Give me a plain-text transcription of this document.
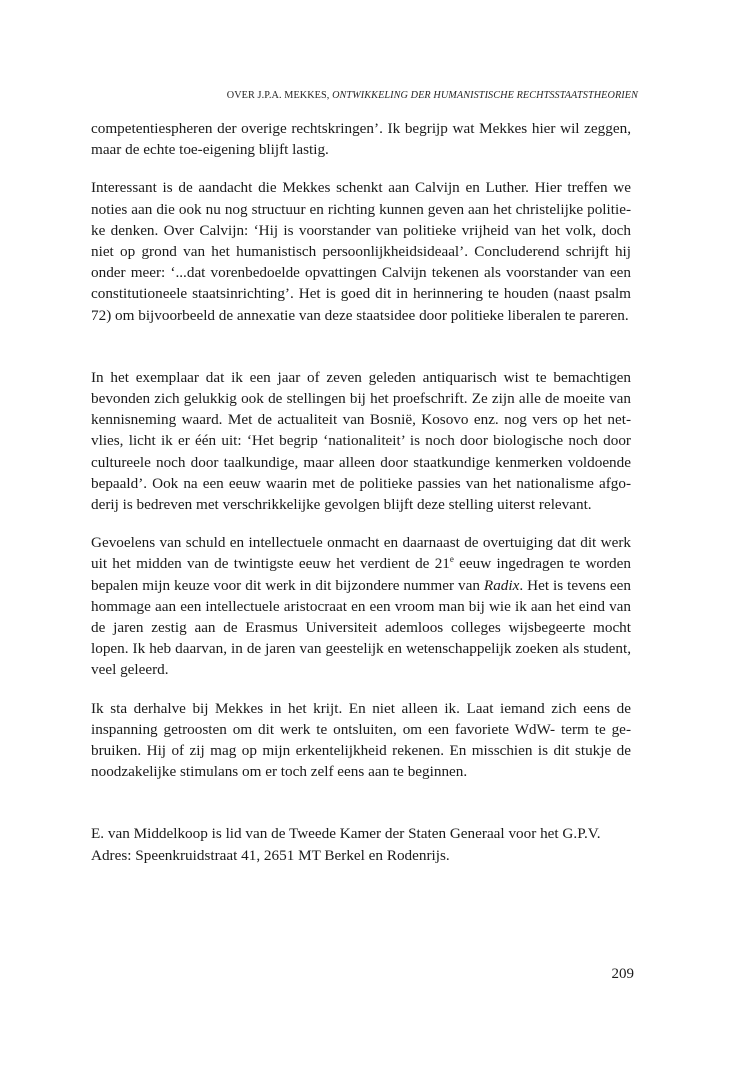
OVER J.P.A. MEKKES, ONTWIKKELING DER HUMANISTISCHE RECHTSSTAATSTHEORIEN

competentiespheren der overige rechtskringen’. Ik begrijp wat Mekkes hier wil zeggen, maar de echte toe-eigening blijft lastig.

Interessant is de aandacht die Mekkes schenkt aan Calvijn en Luther. Hier treffen we noties aan die ook nu nog structuur en richting kunnen geven aan het christelijke politieke denken. Over Calvijn: ‘Hij is voorstander van politieke vrijheid van het volk, doch niet op grond van het humanistisch persoonlijkheidsideaal’. Concluderend schrijft hij onder meer: ‘...dat vorenbedoelde opvattingen Calvijn tekenen als voorstander van een constitutioneele staatsinrichting’. Het is goed dit in herinnering te houden (naast psalm 72) om bijvoorbeeld de annexatie van deze staatsidee door politieke liberalen te pareren.

In het exemplaar dat ik een jaar of zeven geleden antiquarisch wist te bemachtigen bevonden zich gelukkig ook de stellingen bij het proefschrift. Ze zijn alle de moeite van kennisneming waard. Met de actualiteit van Bosnië, Kosovo enz. nog vers op het netvlies, licht ik er één uit: ‘Het begrip ‘nationaliteit’ is noch door biologische noch door cultureele noch door taalkundige, maar alleen door staatkundige kenmerken voldoende bepaald’. Ook na een eeuw waarin met de politieke passies van het nationalisme afgoderij is bedreven met verschrikkelijke gevolgen blijft deze stelling uiterst relevant.

Gevoelens van schuld en intellectuele onmacht en daarnaast de overtuiging dat dit werk uit het midden van de twintigste eeuw het verdient de 21e eeuw ingedragen te worden bepalen mijn keuze voor dit werk in dit bijzondere nummer van Radix. Het is tevens een hommage aan een intellectuele aristocraat en een vroom man bij wie ik aan het eind van de jaren zestig aan de Erasmus Universiteit ademloos colleges wijsbegeerte mocht lopen. Ik heb daarvan, in de jaren van geestelijk en wetenschappelijk zoeken als student, veel geleerd.

Ik sta derhalve bij Mekkes in het krijt. En niet alleen ik. Laat iemand zich eens de inspanning getroosten om dit werk te ontsluiten, om een favoriete WdW- term te gebruiken. Hij of zij mag op mijn erkentelijkheid rekenen. En misschien is dit stukje de noodzakelijke stimulans om er toch zelf eens aan te beginnen.

E. van Middelkoop is lid van de Tweede Kamer der Staten Generaal voor het G.P.V.
Adres: Speenkruidstraat 41, 2651 MT Berkel en Rodenrijs.

209
